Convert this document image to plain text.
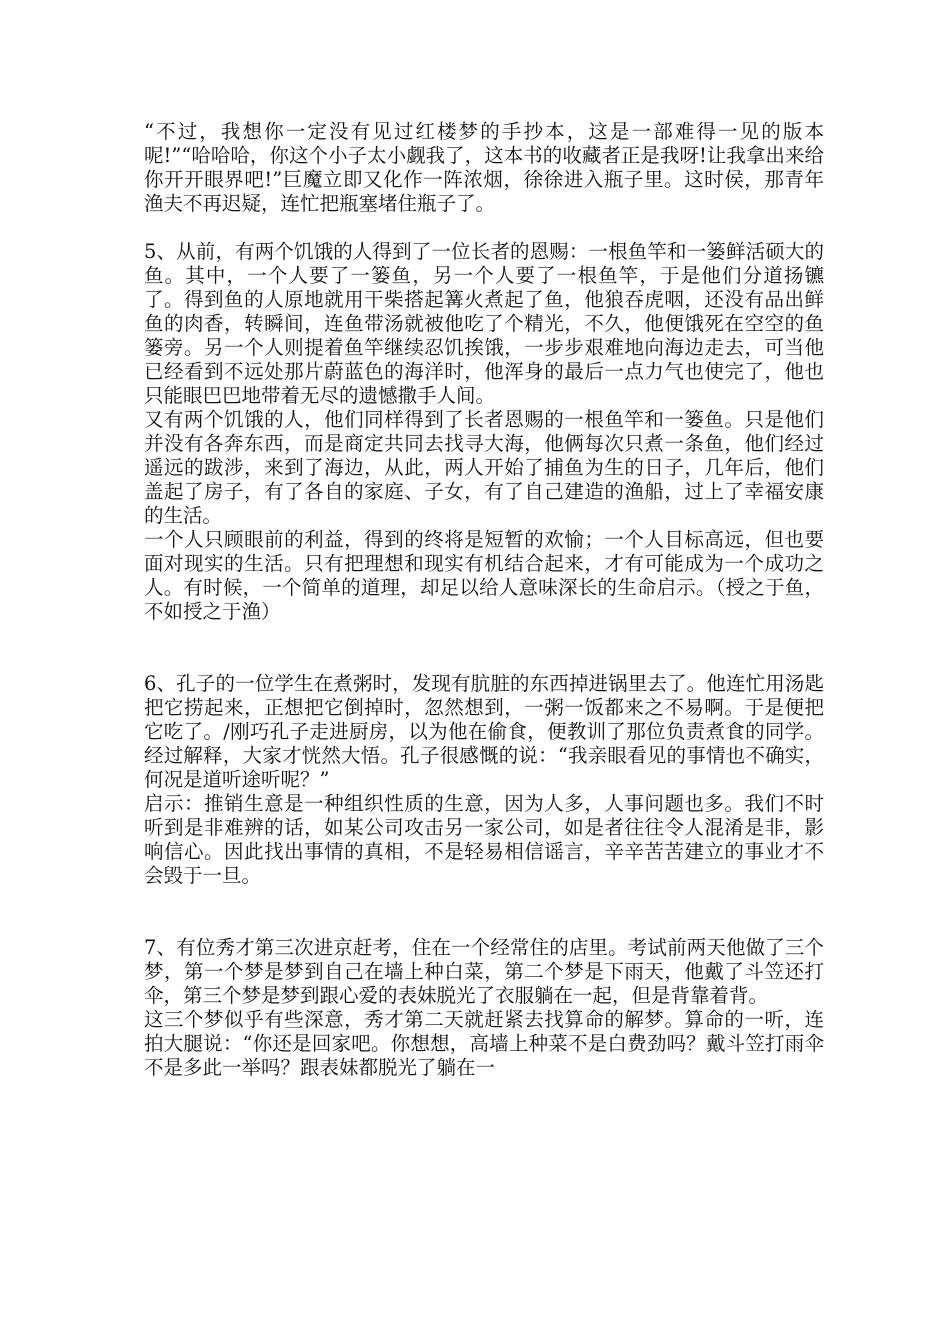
“不过，我想你一定没有见过红楼梦的手抄本，这是一部难得一见的版本呢!”“哈哈哈，你这个小子太小觑我了，这本书的收藏者正是我呀!让我拿出来给你开开眼界吧!”巨魔立即又化作一阵浓烟，徐徐进入瓶子里。这时侯，那青年渔夫不再迟疑，连忙把瓶塞堵住瓶子了。

5、从前，有两个饥饿的人得到了一位长者的恩赐：一根鱼竿和一篓鲜活硕大的鱼。其中，一个人要了一篓鱼，另一个人要了一根鱼竿，于是他们分道扬镳了。得到鱼的人原地就用干柴搭起篝火煮起了鱼，他狼吞虎咽，还没有品出鲜鱼的肉香，转瞬间，连鱼带汤就被他吃了个精光，不久，他便饿死在空空的鱼篓旁。另一个人则提着鱼竿继续忍饥挨饿，一步步艰难地向海边走去，可当他已经看到不远处那片蔚蓝色的海洋时，他浑身的最后一点力气也使完了，他也只能眼巴巴地带着无尽的遗憾撒手人间。

又有两个饥饿的人，他们同样得到了长者恩赐的一根鱼竿和一篓鱼。只是他们并没有各奔东西，而是商定共同去找寻大海，他俩每次只煮一条鱼，他们经过遥远的跋涉，来到了海边，从此，两人开始了捕鱼为生的日子，几年后，他们盖起了房子，有了各自的家庭、子女，有了自己建造的渔船，过上了幸福安康的生活。

一个人只顾眼前的利益，得到的终将是短暂的欢愉；一个人目标高远，但也要面对现实的生活。只有把理想和现实有机结合起来，才有可能成为一个成功之人。有时候，一个简单的道理，却足以给人意味深长的生命启示。（授之于鱼，不如授之于渔）

6、孔子的一位学生在煮粥时，发现有肮脏的东西掉进锅里去了。他连忙用汤匙把它捞起来，正想把它倒掉时，忽然想到，一粥一饭都来之不易啊。于是便把它吃了。/刚巧孔子走进厨房，以为他在偷食，便教训了那位负责煮食的同学。经过解释，大家才恍然大悟。孔子很感慨的说：“我亲眼看见的事情也不确实，何况是道听途听呢？”

启示：推销生意是一种组织性质的生意，因为人多，人事问题也多。我们不时听到是非难辨的话，如某公司攻击另一家公司，如是者往往令人混淆是非，影响信心。因此找出事情的真相，不是轻易相信谣言，辛辛苦苦建立的事业才不会毁于一旦。

7、有位秀才第三次进京赶考，住在一个经常住的店里。考试前两天他做了三个梦，第一个梦是梦到自己在墙上种白菜，第二个梦是下雨天，他戴了斗笠还打伞，第三个梦是梦到跟心爱的表妹脱光了衣服躺在一起，但是背靠着背。

这三个梦似乎有些深意，秀才第二天就赶紧去找算命的解梦。算命的一听，连拍大腿说：“你还是回家吧。你想想，高墙上种菜不是白费劲吗？戴斗笠打雨伞不是多此一举吗？跟表妹都脱光了躺在一
